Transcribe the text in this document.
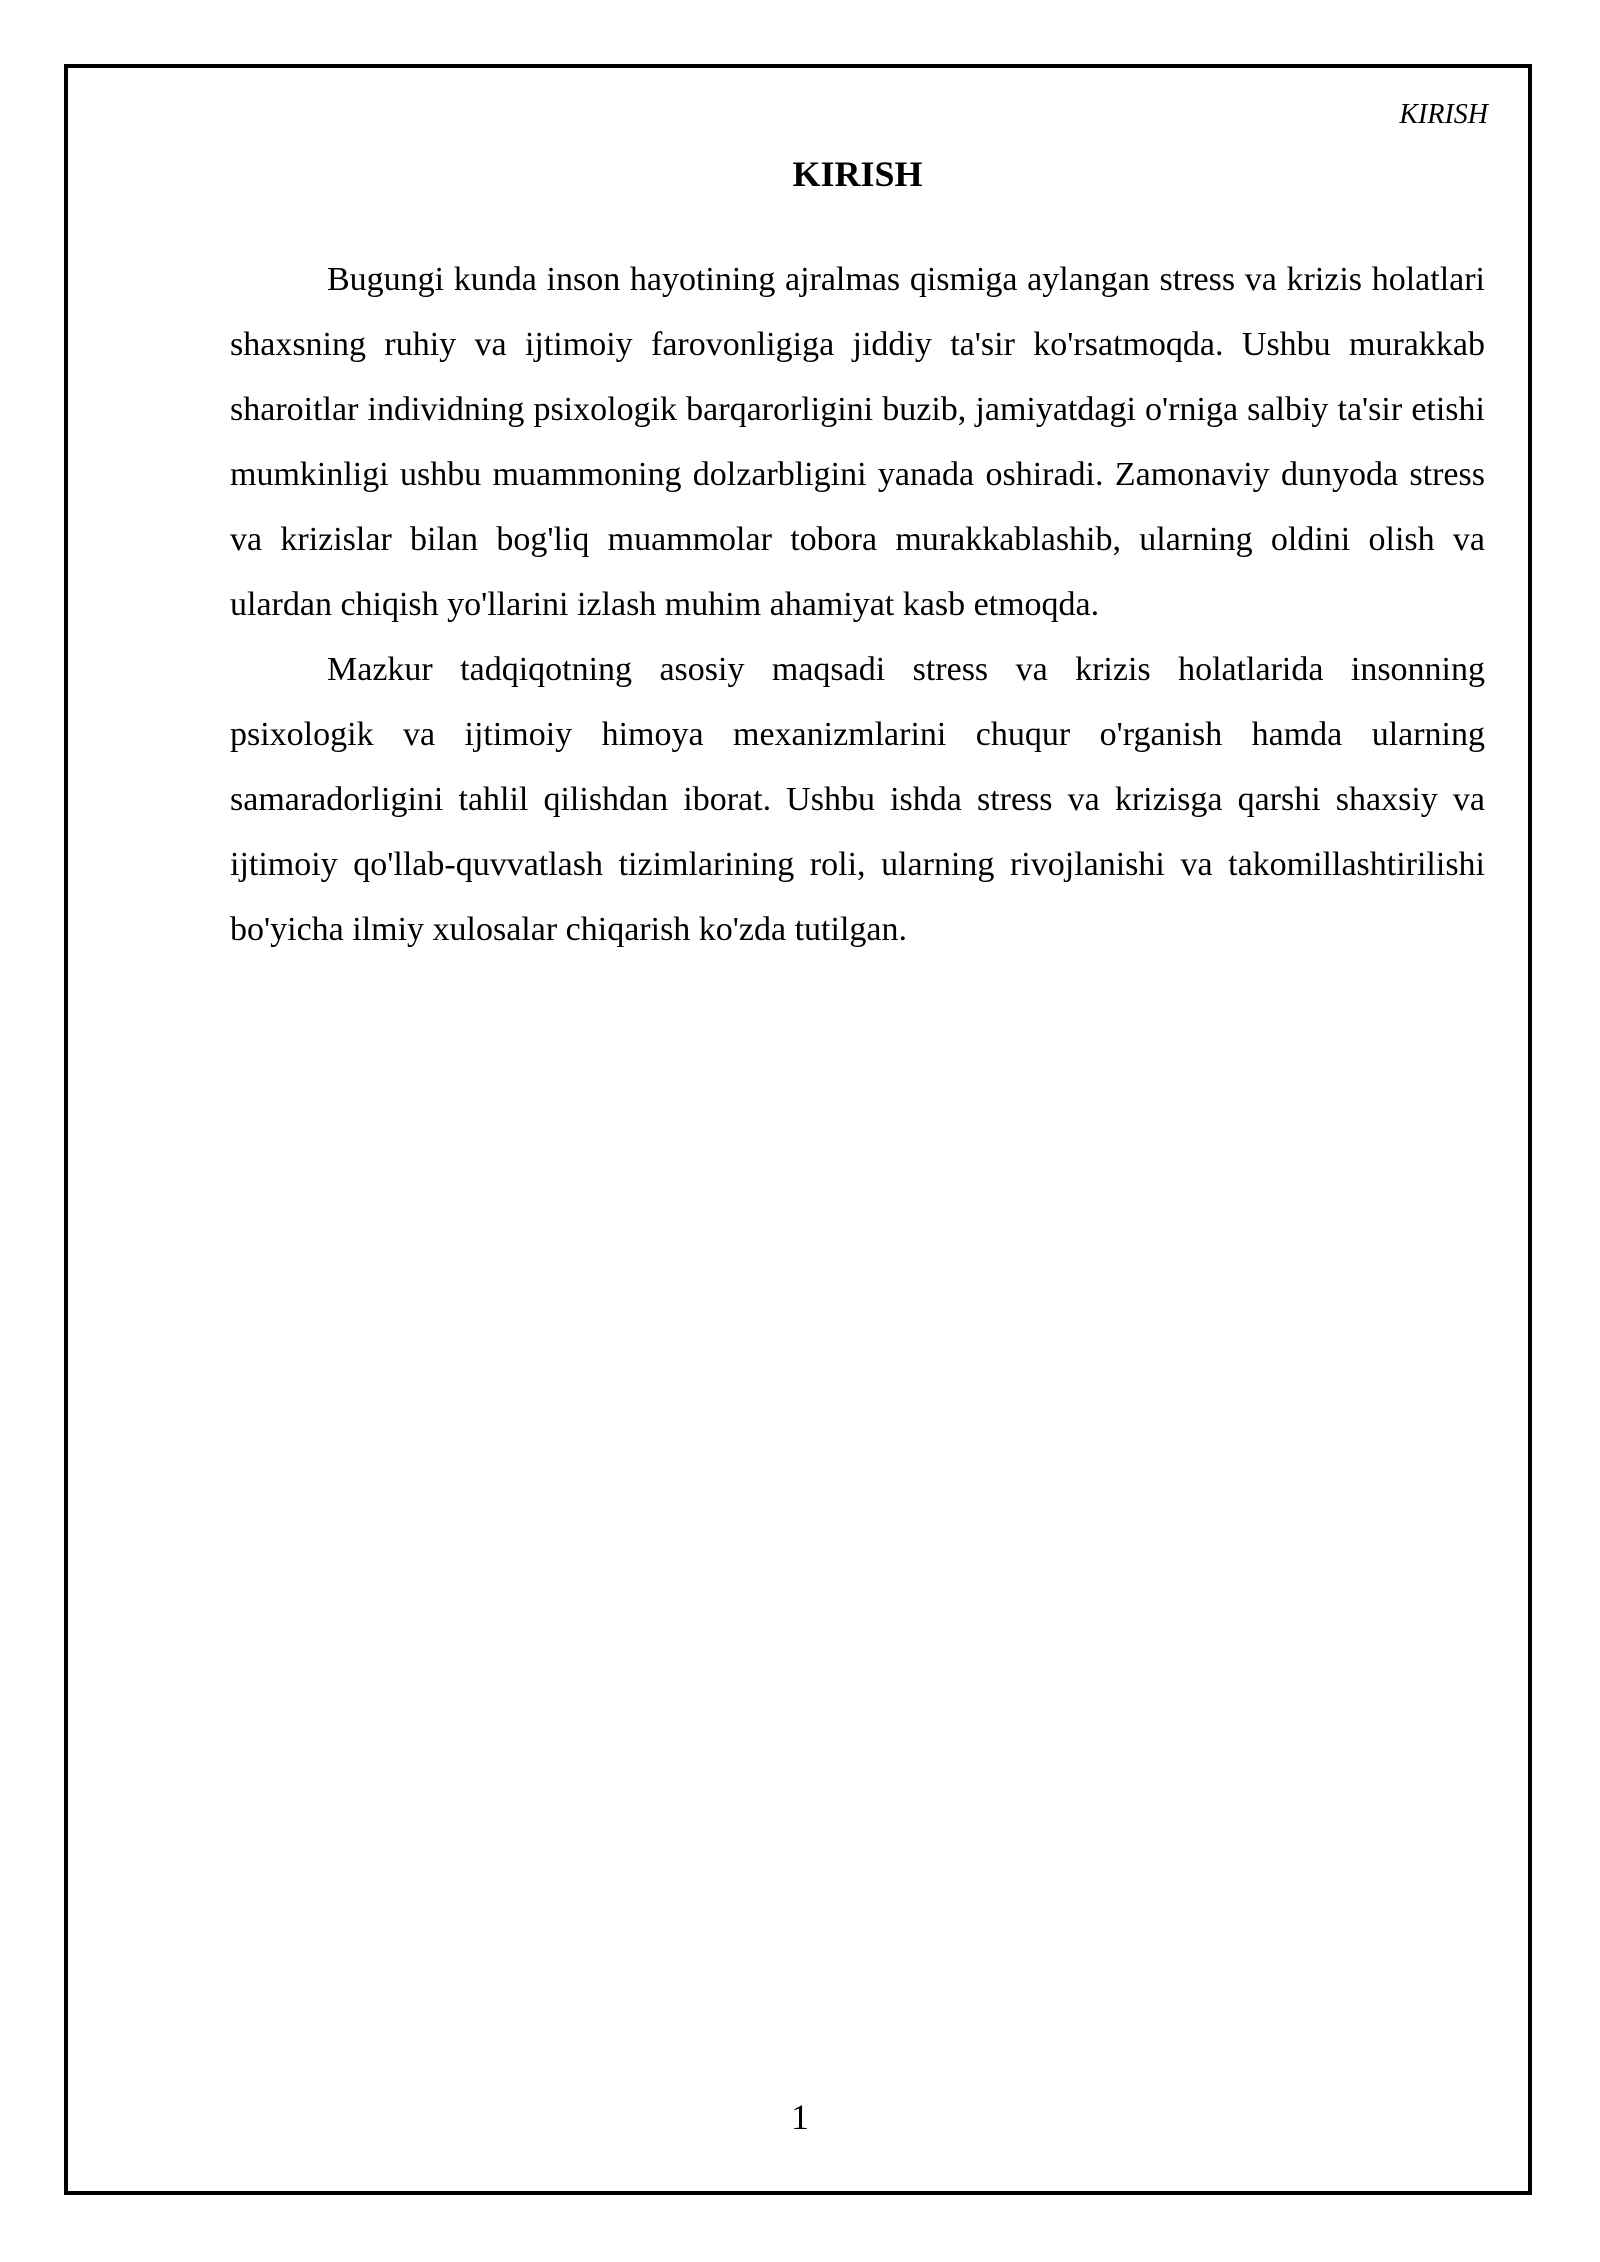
KIRISH
KIRISH

Bugungi kunda inson hayotining ajralmas qismiga aylangan stress va krizis holatlari shaxsning ruhiy va ijtimoiy farovonligiga jiddiy ta'sir ko'rsatmoqda. Ushbu murakkab sharoitlar individning psixologik barqarorligini buzib, jamiyatdagi o'rniga salbiy ta'sir etishi mumkinligi ushbu muammoning dolzarbligini yanada oshiradi. Zamonaviy dunyoda stress va krizislar bilan bog'liq muammolar tobora murakkablashib, ularning oldini olish va ulardan chiqish yo'llarini izlash muhim ahamiyat kasb etmoqda.

Mazkur tadqiqotning asosiy maqsadi stress va krizis holatlarida insonning psixologik va ijtimoiy himoya mexanizmlarini chuqur o'rganish hamda ularning samaradorligini tahlil qilishdan iborat. Ushbu ishda stress va krizisga qarshi shaxsiy va ijtimoiy qo'llab-quvvatlash tizimlarining roli, ularning rivojlanishi va takomillashtirilishi bo'yicha ilmiy xulosalar chiqarish ko'zda tutilgan.

1
